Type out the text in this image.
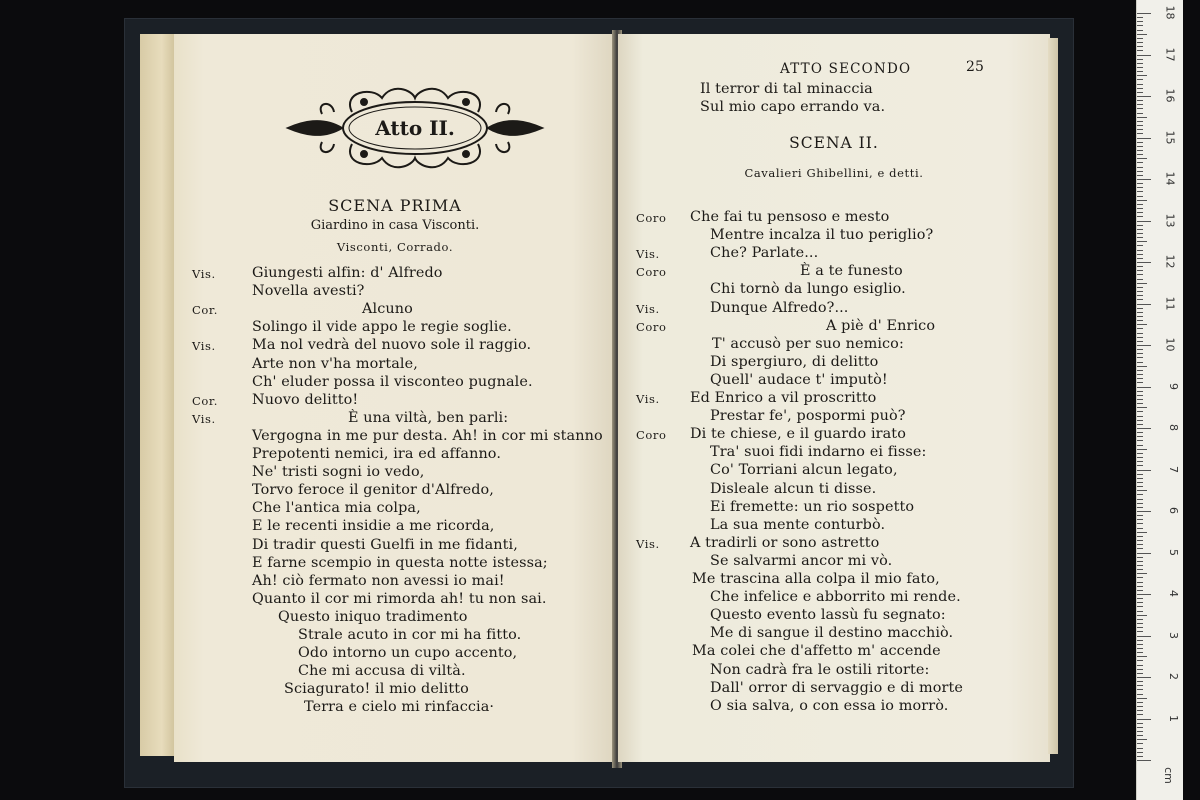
Atto II.
SCENA PRIMA
Giardino in casa Visconti.
Visconti, Corrado.
Vis.	Giungesti alfin: d' Alfredo
Novella avesti?
Cor.	Alcuno
Solingo il vide appo le regie soglie.
Vis.	Ma nol vedrà del nuovo sole il raggio.
Arte non v'ha mortale,
Ch' eluder possa il visconteo pugnale.
Cor. Nuovo delitto!
Vis.	È una viltà, ben parli:
Vergogna in me pur desta. Ah! in cor mi stanno
Prepotenti nemici, ira ed affanno.
Ne' tristi sogni io vedo,
Torvo feroce il genitor d'Alfredo,
Che l'antica mia colpa,
E le recenti insidie a me ricorda,
Di tradir questi Guelfi in me fidanti,
E farne scempio in questa notte istessa;
Ah! ciò fermato non avessi io mai!
Quanto il cor mi rimorda ah! tu non sai.
Questo iniquo tradimento
Strale acuto in cor mi ha fitto.
Odo intorno un cupo accento,
Che mi accusa di viltà.
Sciagurato! il mio delitto
Terra e cielo mi rinfaccia·
ATTO SECONDO	25
SCENA II.
Cavalieri Ghibellini, e detti.
Il terror di tal minaccia
Sul mio capo errando va.
Coro Che fai tu pensoso e mesto
Mentre incalza il tuo periglio?
Vis.	Che? Parlate...
Coro	È a te funesto
Chi tornò da lungo esiglio.
Vis.	Dunque Alfredo?...
Coro	A piè d' Enrico
T' accusò per suo nemico:
Di spergiuro, di delitto
Quell' audace t' imputò!
Vis. Ed Enrico a vil proscritto
Prestar fe', pospormi può?
Coro Di te chiese, e il guardo irato
Tra' suoi fidi indarno ei fisse:
Co' Torriani alcun legato,
Disleale alcun ti disse.
Ei fremette: un rio sospetto
La sua mente conturbò.
Vis. A tradirli or sono astretto
Se salvarmi ancor mi vò.
Me trascina alla colpa il mio fato,
Che infelice e abborrito mi rende.
Questo evento lassù fu segnato:
Me di sangue il destino macchiò.
Ma colei che d'affetto m' accende
Non cadrà fra le ostili ritorte:
Dall' orror di servaggio e di morte
O sia salva, o con essa io morrò.
1
2
3
4
5
6
7
8
9
10
11
12
13
14
15
16
17
18
cm
